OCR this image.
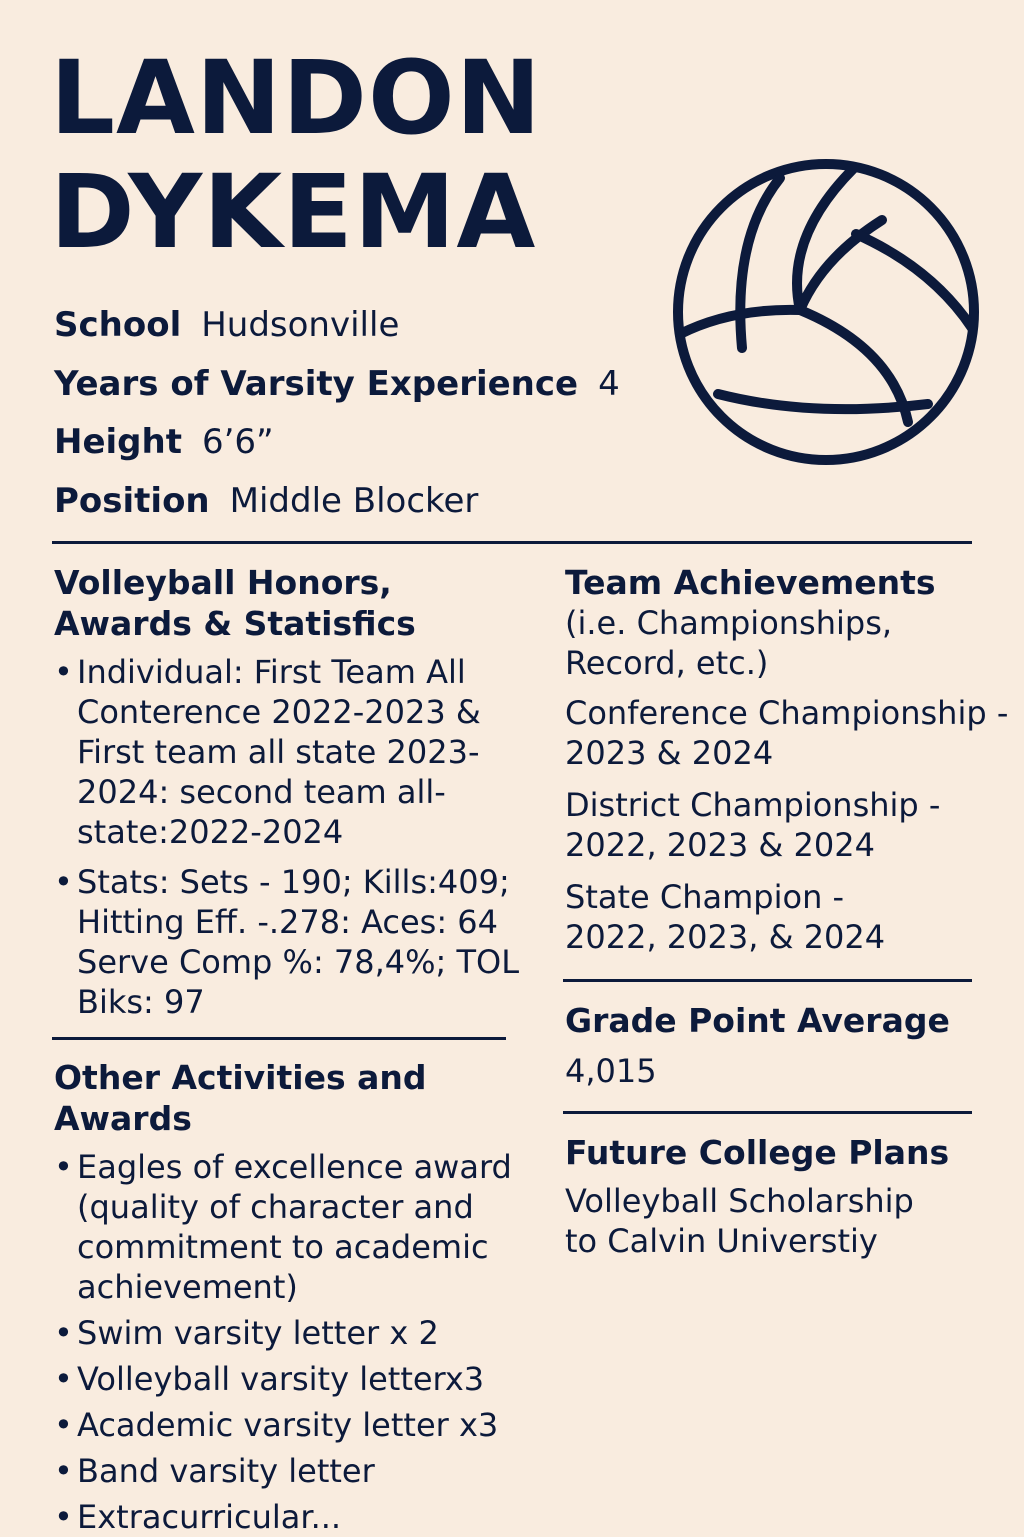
LANDON
DYKEMA
School Hudsonville
Years of Varsity Experience 4
Height 6’6”
Position Middle Blocker
Volleyball Honors,
Awards & Statisfics
• Individual: First Team All Conterence 2022-2023 & First team all state 2023-2024: second team all-state:2022-2024
• Stats: Sets - 190; Kills:409; Hitting Eff. -.278: Aces: 64 Serve Comp %: 78,4%; TOL Biks: 97
Other Activities and
Awards
• Eagles of excellence award (quality of character and commitment to academic achievement)
• Swim varsity letter x 2
• Volleyball varsity letterx3
• Academic varsity letter x3
• Band varsity letter
• Extracurricular...
Team Achievements

(i.e. Championships,
Record, etc.)

Conference Championship -

2023 & 2024

District Championship -

2022, 2023 & 2024

State Champion -

2022, 2023, & 2024

Grade Point Average

4,015

Future College Plans

Volleyball Scholarship

to Calvin Universtiy
